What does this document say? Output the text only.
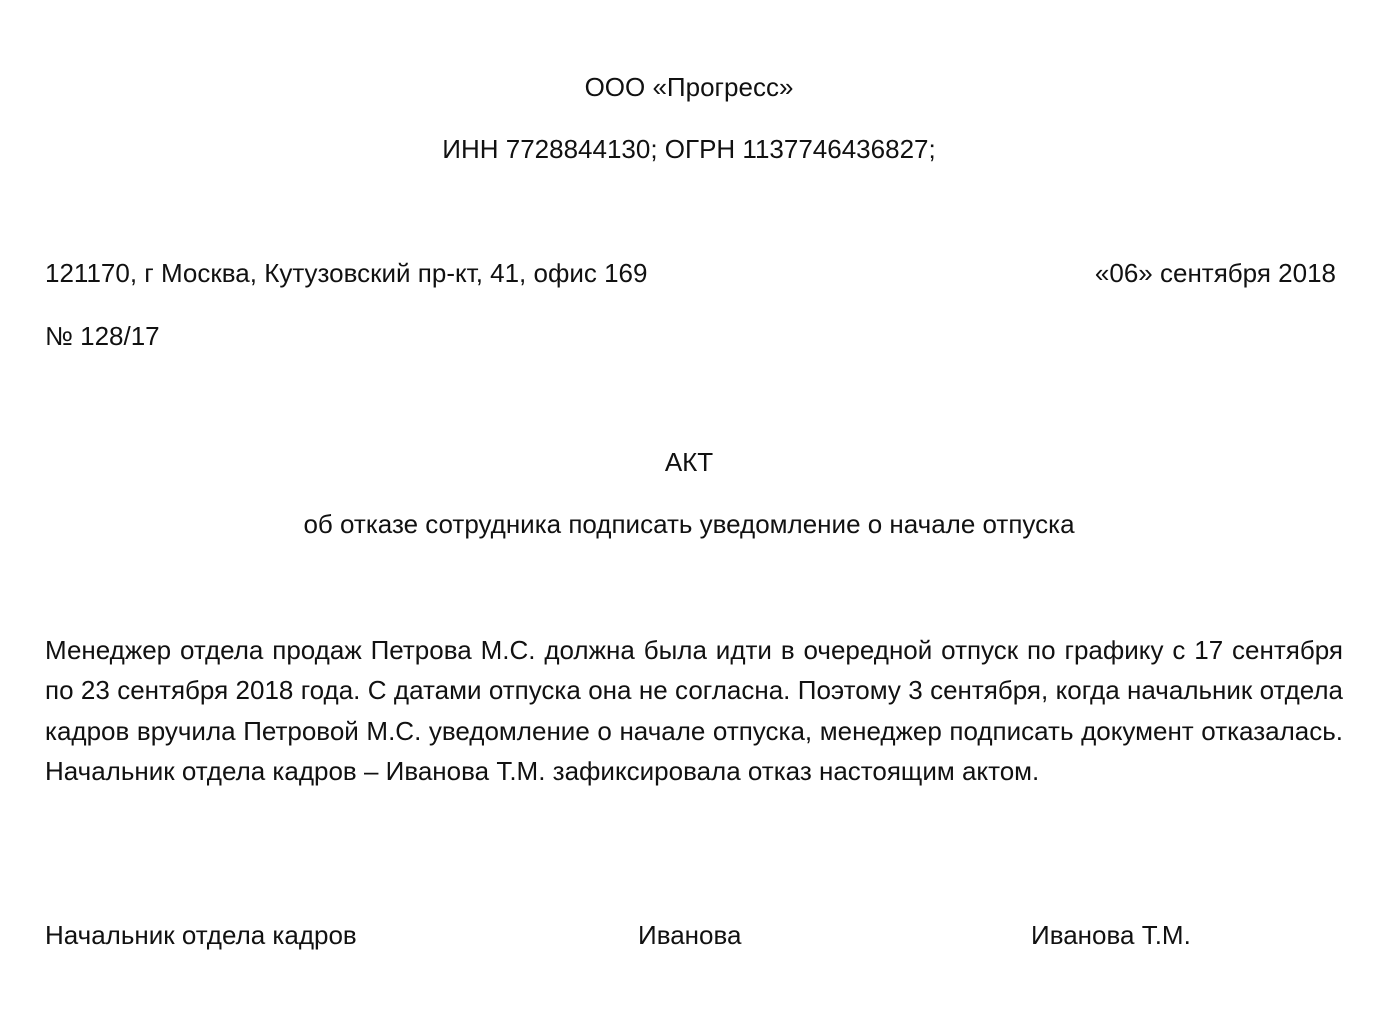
ООО «Прогресс»
ИНН 7728844130; ОГРН 1137746436827;
121170, г Москва, Кутузовский пр-кт, 41, офис 169	«06» сентября 2018
№ 128/17
АКТ
об отказе сотрудника подписать уведомление о начале отпуска
Менеджер отдела продаж Петрова М.С. должна была идти в очередной отпуск по графику с 17 сентября по 23 сентября 2018 года. С датами отпуска она не согласна. Поэтому 3 сентября, когда начальник отдела кадров вручила Петровой М.С. уведомление о начале отпуска, менеджер подписать документ отказалась. Начальник отдела кадров – Иванова Т.М. зафиксировала отказ настоящим актом.
Начальник отдела кадров	Иванова	Иванова Т.М.
